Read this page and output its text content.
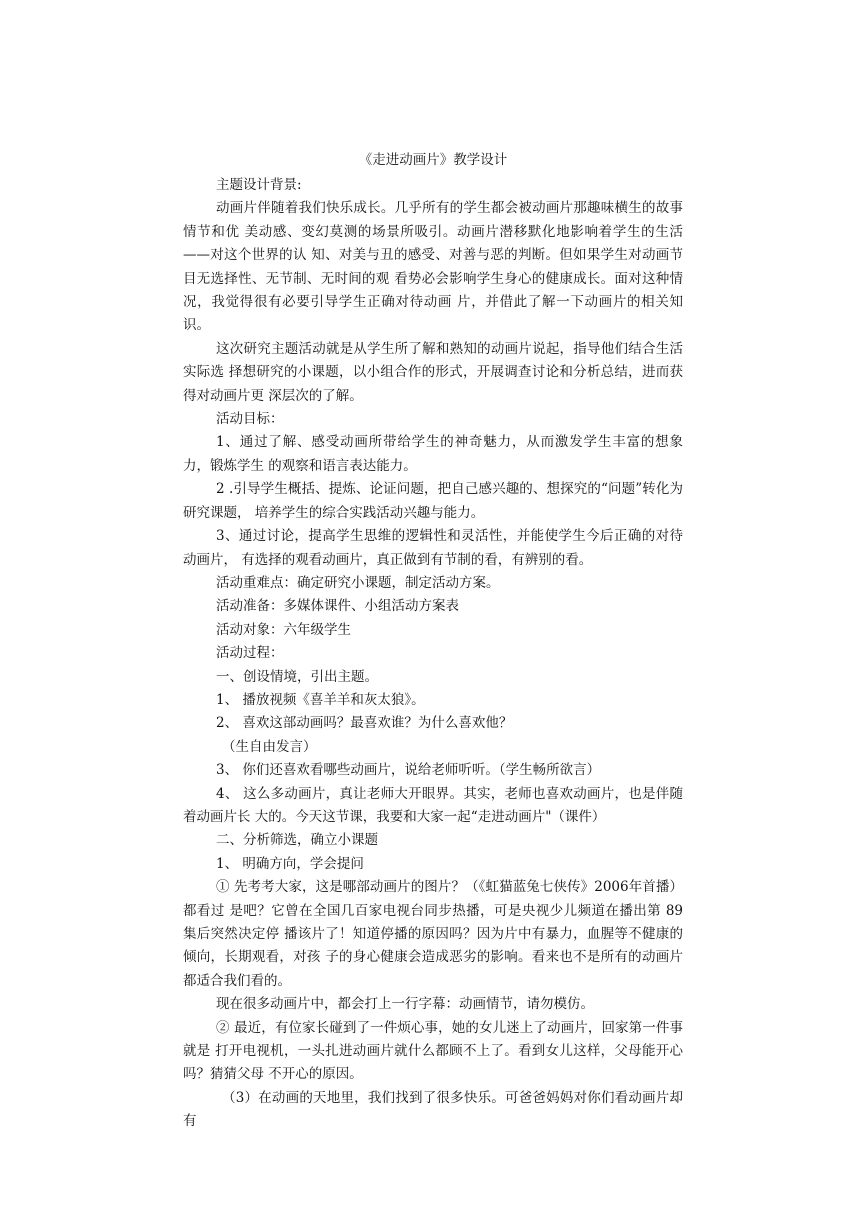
《走进动画片》教学设计

主题设计背景:

动画片伴随着我们快乐成长。几乎所有的学生都会被动画片那趣味横生的故事情节和优 美动感、变幻莫测的场景所吸引。动画片潜移默化地影响着学生的生活——对这个世界的认 知、对美与丑的感受、对善与恶的判断。但如果学生对动画节目无选择性、无节制、无时间的观 看势必会影响学生身心的健康成长。面对这种情况，我觉得很有必要引导学生正确对待动画 片，并借此了解一下动画片的相关知识。

这次研究主题活动就是从学生所了解和熟知的动画片说起，指导他们结合生活实际选 择想研究的小课题，以小组合作的形式，开展调查讨论和分析总结，进而获得对动画片更 深层次的了解。

活动目标：

1、通过了解、感受动画所带给学生的神奇魅力，从而激发学生丰富的想象力，锻炼学生 的观察和语言表达能力。

2 .引导学生概括、提炼、论证问题，把自己感兴趣的、想探究的“问题”转化为研究课题， 培养学生的综合实践活动兴趣与能力。

3、通过讨论，提高学生思维的逻辑性和灵活性，并能使学生今后正确的对待动画片， 有选择的观看动画片，真正做到有节制的看，有辨别的看。

活动重难点：确定研究小课题，制定活动方案。

活动准备：多媒体课件、小组活动方案表

活动对象：六年级学生

活动过程：

一、创设情境，引出主题。

1、 播放视频《喜羊羊和灰太狼》。

2、 喜欢这部动画吗？最喜欢谁？为什么喜欢他？

（生自由发言）

3、 你们还喜欢看哪些动画片，说给老师听听。（学生畅所欲言）

4、 这么多动画片，真让老师大开眼界。其实，老师也喜欢动画片，也是伴随着动画片长 大的。今天这节课，我要和大家一起“走进动画片"（课件）

二、分析筛选，确立小课题

1、 明确方向，学会提问

① 先考考大家，这是哪部动画片的图片？（《虹猫蓝兔七侠传》2006年首播）都看过 是吧？它曾在全国几百家电视台同步热播，可是央视少儿频道在播出第 89 集后突然决定停 播该片了！知道停播的原因吗？因为片中有暴力，血腥等不健康的倾向，长期观看，对孩 子的身心健康会造成恶劣的影响。看来也不是所有的动画片都适合我们看的。

现在很多动画片中，都会打上一行字幕：动画情节，请勿模仿。

② 最近，有位家长碰到了一件烦心事，她的女儿迷上了动画片，回家第一件事就是 打开电视机，一头扎进动画片就什么都顾不上了。看到女儿这样，父母能开心吗？猜猜父母 不开心的原因。

（3）在动画的天地里，我们找到了很多快乐。可爸爸妈妈对你们看动画片却有
